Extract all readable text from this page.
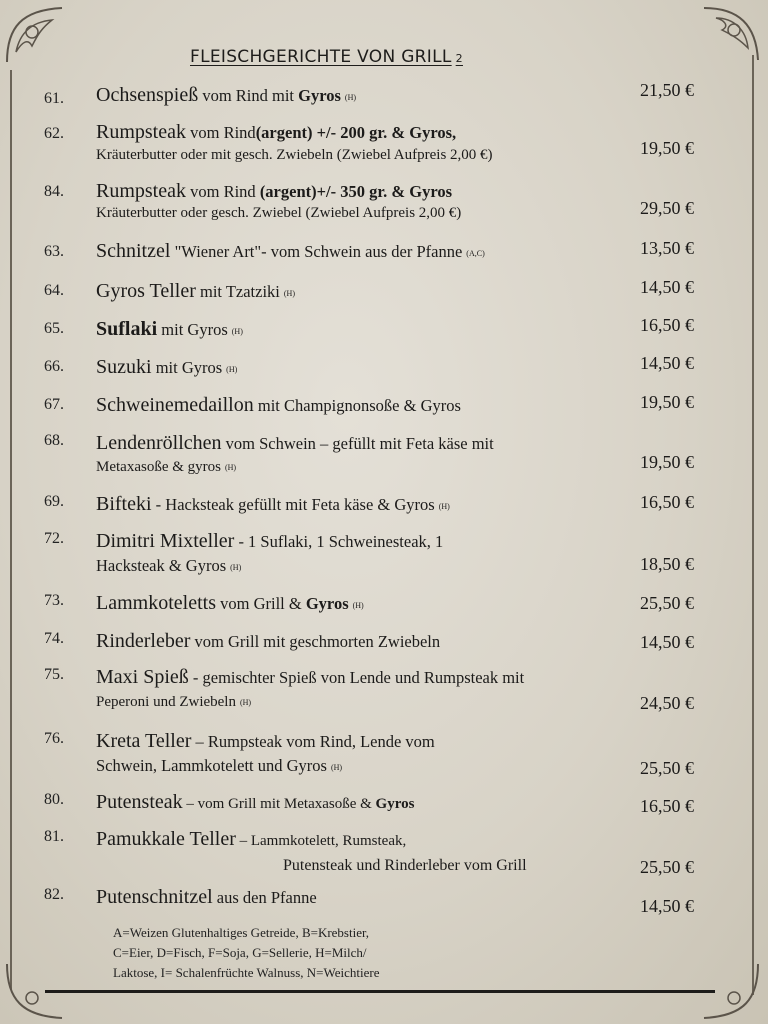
FLEISCHGERICHTE VON GRILL 2
61. Ochsenspieß vom Rind mit Gyros (H)	21,50 €
62. Rumpsteak vom Rind(argent) +/- 200 gr. & Gyros,
Kräuterbutter oder mit gesch. Zwiebeln (Zwiebel Aufpreis 2,00 €)	19,50 €
84. Rumpsteak vom Rind (argent)+/- 350 gr. & Gyros
Kräuterbutter oder gesch. Zwiebel (Zwiebel Aufpreis 2,00 €)	29,50 €
63. Schnitzel "Wiener Art"- vom Schwein aus der Pfanne (A,C)	13,50 €
64. Gyros Teller mit Tzatziki (H)	14,50 €
65. Suflaki mit Gyros (H)	16,50 €
66. Suzuki mit Gyros (H)	14,50 €
67. Schweinemedaillon mit Champignonsoße & Gyros	19,50 €
68. Lendenröllchen vom Schwein – gefüllt mit Feta käse mit
Metaxasoße & gyros (H)	19,50 €
69. Bifteki - Hacksteak gefüllt mit Feta käse & Gyros (H)	16,50 €
72. Dimitri Mixteller - 1 Suflaki, 1 Schweinesteak, 1
Hacksteak & Gyros (H)	18,50 €
73. Lammkoteletts vom Grill & Gyros (H)	25,50 €
74. Rinderleber vom Grill mit geschmorten Zwiebeln	14,50 €
75. Maxi Spieß - gemischter Spieß von Lende und Rumpsteak mit
Peperoni und Zwiebeln (H)	24,50 €
76. Kreta Teller – Rumpsteak vom Rind, Lende vom
Schwein, Lammkotelett und Gyros (H)	25,50 €
80. Putensteak – vom Grill mit Metaxasoße & Gyros	16,50 €
81. Pamukkale Teller – Lammkotelett, Rumsteak,
Putensteak und Rinderleber vom Grill	25,50 €
82. Putenschnitzel aus den Pfanne	14,50 €
A=Weizen Glutenhaltiges Getreide, B=Krebstier,
C=Eier, D=Fisch, F=Soja, G=Sellerie, H=Milch/
Laktose, I= Schalenfrüchte Walnuss, N=Weichtiere
